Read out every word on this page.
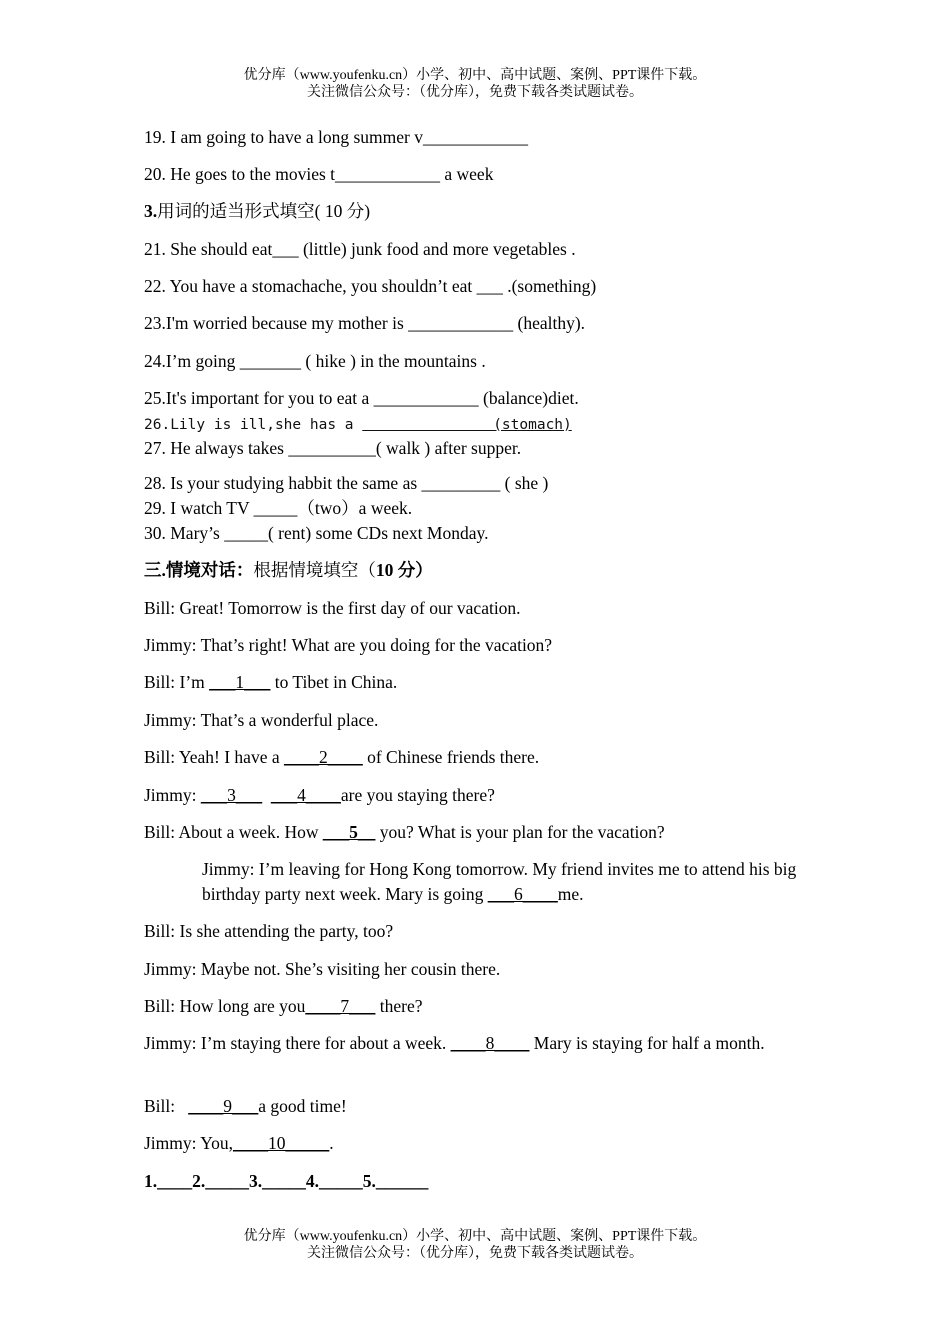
优分库（www.youfenku.cn）小学、初中、高中试题、案例、PPT课件下载。
关注微信公众号：（优分库），免费下载各类试题试卷。
19. I am going to have a long summer v____________
20. He goes to the movies t____________ a week
3.用词的适当形式填空( 10 分)
21. She should eat___ (little) junk food and more vegetables .
22. You have a stomachache, you shouldn’t eat ___ .(something)
23.I'm worried because my mother is ____________ (healthy).
24.I’m going _______ ( hike ) in the mountains .
25.It's important for you to eat a ____________ (balance)diet.
26.Lily is ill,she has a                (stomach)
27. He always takes __________( walk ) after supper.
28. Is your studying habbit the same as _________ ( she )
29. I watch TV _____（two）a week.
30. Mary’s _____( rent) some CDs next Monday.
三.情境对话：根据情境填空（10 分）
Bill: Great! Tomorrow is the first day of our vacation.
Jimmy: That’s right! What are you doing for the vacation?
Bill: I’m ___1___ to Tibet in China.
Jimmy: That’s a wonderful place.
Bill: Yeah! I have a ____2____ of Chinese friends there.
Jimmy: ___3___ ___4____are you staying there?
Bill: About a week. How ___5__ you? What is your plan for the vacation?
Jimmy: I’m leaving for Hong Kong tomorrow. My friend invites me to attend his big birthday party next week. Mary is going ___6____me.
Bill: Is she attending the party, too?
Jimmy: Maybe not. She’s visiting her cousin there.
Bill: How long are you____7___ there?
Jimmy: I’m staying there for about a week. ____8____ Mary is staying for half a month.
Bill:   ____9___a good time!
Jimmy: You,____10_____.
1.____2._____3._____4._____5.______
优分库（www.youfenku.cn）小学、初中、高中试题、案例、PPT课件下载。
关注微信公众号：（优分库），免费下载各类试题试卷。
